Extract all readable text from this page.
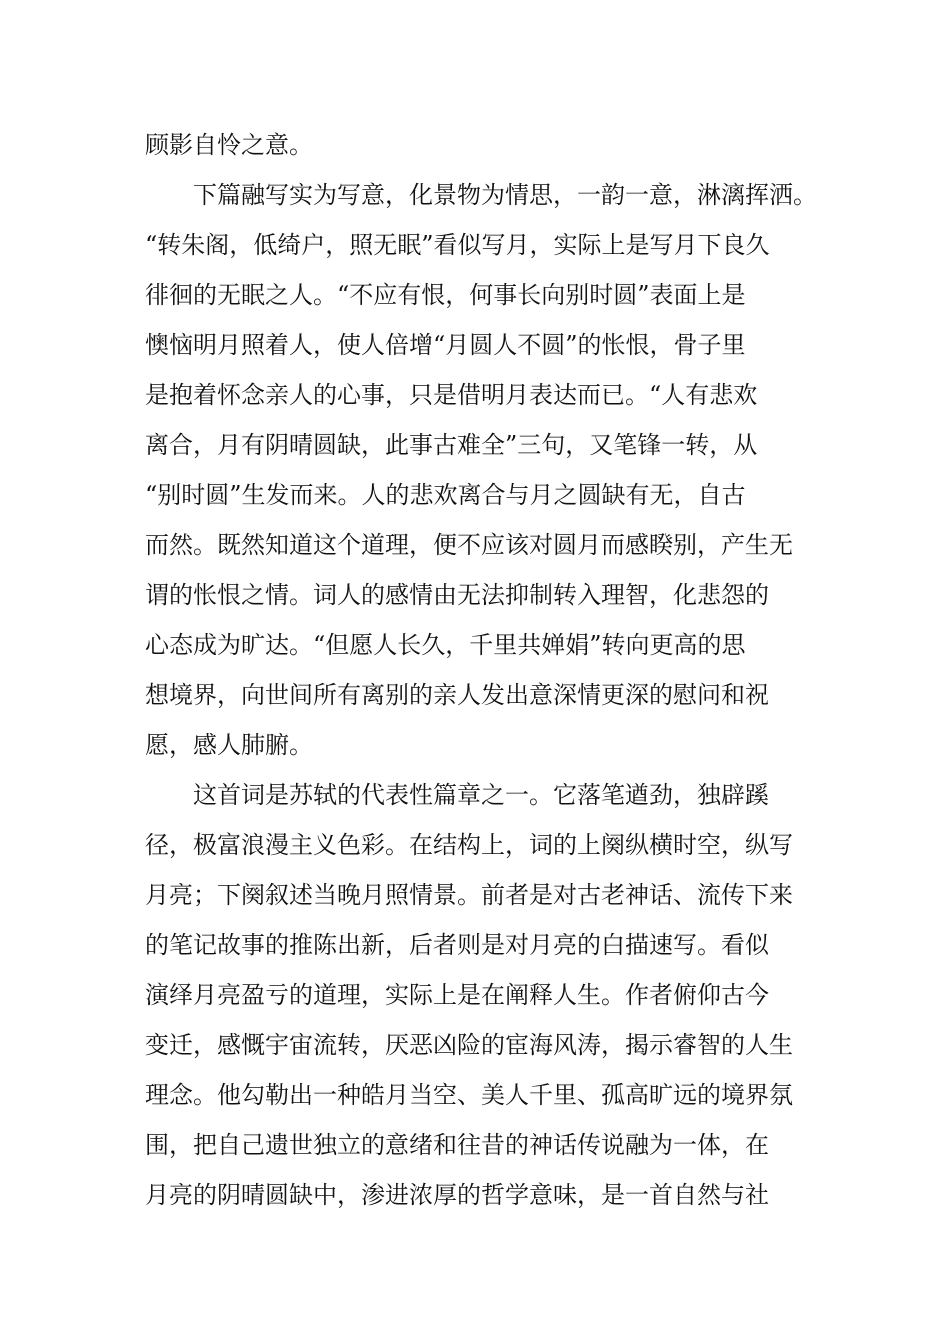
顾影自怜之意。
下篇融写实为写意，化景物为情思，一韵一意，淋漓挥洒。
“转朱阁，低绮户，照无眠”看似写月，实际上是写月下良久
徘徊的无眠之人。“不应有恨，何事长向别时圆”表面上是
懊恼明月照着人，使人倍增“月圆人不圆”的怅恨，骨子里
是抱着怀念亲人的心事，只是借明月表达而已。“人有悲欢
离合，月有阴晴圆缺，此事古难全”三句，又笔锋一转，从
“别时圆”生发而来。人的悲欢离合与月之圆缺有无，自古
而然。既然知道这个道理，便不应该对圆月而感睽别，产生无
谓的怅恨之情。词人的感情由无法抑制转入理智，化悲怨的
心态成为旷达。“但愿人长久，千里共婵娟”转向更高的思
想境界，向世间所有离别的亲人发出意深情更深的慰问和祝
愿，感人肺腑。
这首词是苏轼的代表性篇章之一。它落笔遒劲，独辟蹊
径，极富浪漫主义色彩。在结构上，词的上阕纵横时空，纵写
月亮；下阕叙述当晚月照情景。前者是对古老神话、流传下来
的笔记故事的推陈出新，后者则是对月亮的白描速写。看似
演绎月亮盈亏的道理，实际上是在阐释人生。作者俯仰古今
变迁，感慨宇宙流转，厌恶凶险的宦海风涛，揭示睿智的人生
理念。他勾勒出一种皓月当空、美人千里、孤高旷远的境界氛
围，把自己遗世独立的意绪和往昔的神话传说融为一体，在
月亮的阴晴圆缺中，渗进浓厚的哲学意味，是一首自然与社
